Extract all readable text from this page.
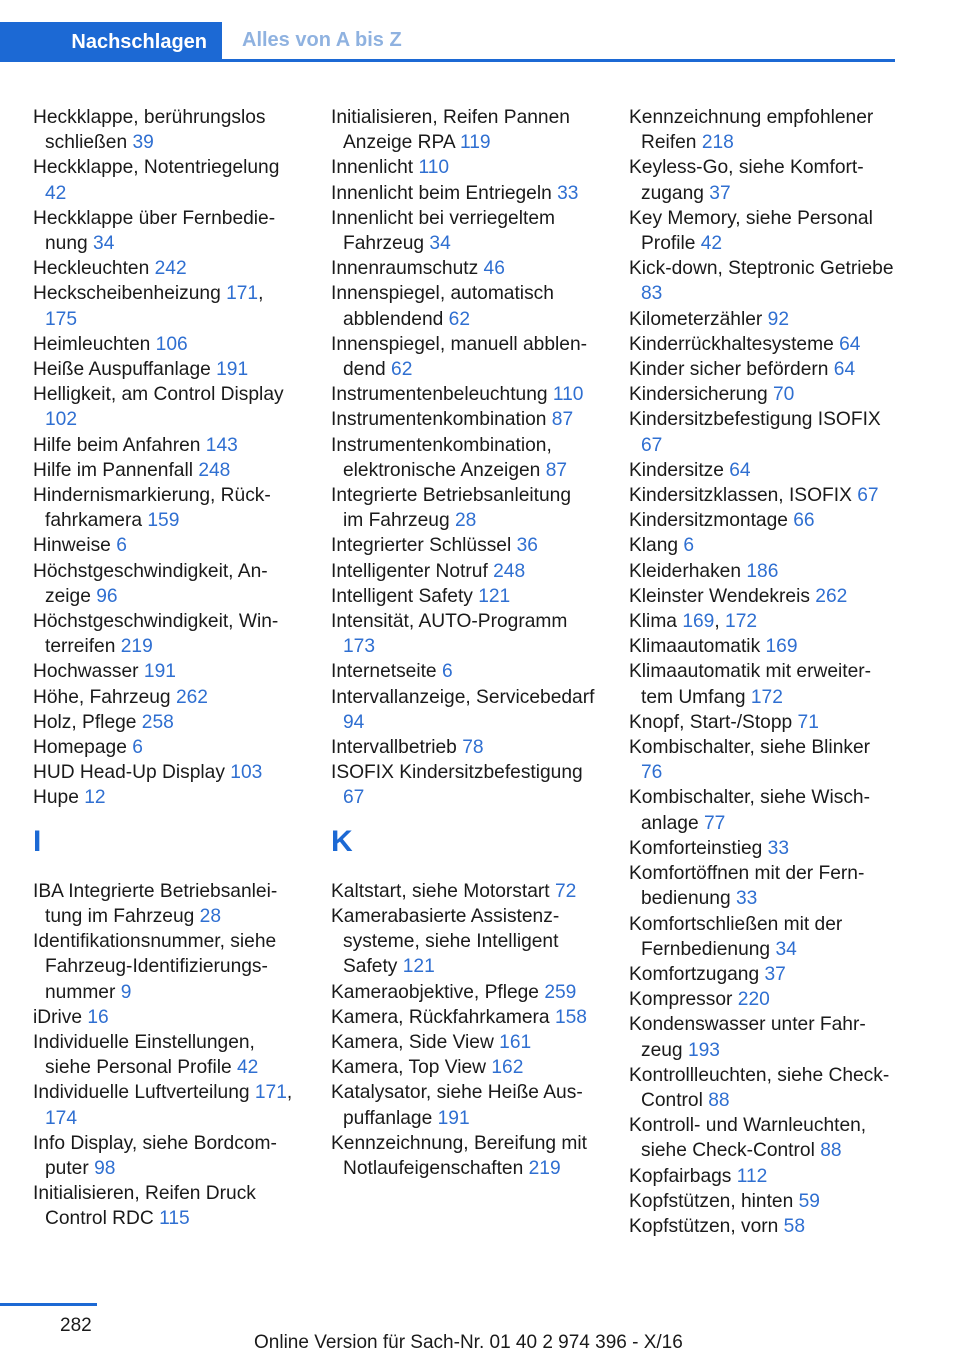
Nachschlagen Alles von A bis Z
Heckklappe, berührungslos schließen 39
Heckklappe, Notentriegelung 42
Heckklappe über Fernbedienung 34
Heckleuchten 242
Heckscheibenheizung 171, 175
Heimleuchten 106
Heiße Auspuffanlage 191
Helligkeit, am Control Display 102
Hilfe beim Anfahren 143
Hilfe im Pannenfall 248
Hindernismarkierung, Rückfahrkamera 159
Hinweise 6
Höchstgeschwindigkeit, Anzeige 96
Höchstgeschwindigkeit, Winterreifen 219
Hochwasser 191
Höhe, Fahrzeug 262
Holz, Pflege 258
Homepage 6
HUD Head-Up Display 103
Hupe 12
I
IBA Integrierte Betriebsanleitung im Fahrzeug 28
Identifikationsnummer, siehe Fahrzeug-Identifizierungsnummer 9
iDrive 16
Individuelle Einstellungen, siehe Personal Profile 42
Individuelle Luftverteilung 171, 174
Info Display, siehe Bordcomputer 98
Initialisieren, Reifen Druck Control RDC 115
Initialisieren, Reifen Pannen Anzeige RPA 119
Innenlicht 110
Innenlicht beim Entriegeln 33
Innenlicht bei verriegeltem Fahrzeug 34
Innenraumschutz 46
Innenspiegel, automatisch abblendend 62
Innenspiegel, manuell abblendend 62
Instrumentenbeleuchtung 110
Instrumentenkombination 87
Instrumentenkombination, elektronische Anzeigen 87
Integrierte Betriebsanleitung im Fahrzeug 28
Integrierter Schlüssel 36
Intelligenter Notruf 248
Intelligent Safety 121
Intensität, AUTO-Programm 173
Internetseite 6
Intervallanzeige, Servicebedarf 94
Intervallbetrieb 78
ISOFIX Kindersitzbefestigung 67
K
Kaltstart, siehe Motorstart 72
Kamerabasierte Assistenzsysteme, siehe Intelligent Safety 121
Kameraobjektive, Pflege 259
Kamera, Rückfahrkamera 158
Kamera, Side View 161
Kamera, Top View 162
Katalysator, siehe Heiße Auspuffanlage 191
Kennzeichnung, Bereifung mit Notlaufeigenschaften 219
Kennzeichnung empfohlener Reifen 218
Keyless-Go, siehe Komfortzugang 37
Key Memory, siehe Personal Profile 42
Kick-down, Steptronic Getriebe 83
Kilometerzähler 92
Kinderrückhaltesysteme 64
Kinder sicher befördern 64
Kindersicherung 70
Kindersitzbefestigung ISOFIX 67
Kindersitze 64
Kindersitzklassen, ISOFIX 67
Kindersitzmontage 66
Klang 6
Kleiderhaken 186
Kleinster Wendekreis 262
Klima 169, 172
Klimaautomatik 169
Klimaautomatik mit erweitertem Umfang 172
Knopf, Start-/Stopp 71
Kombischalter, siehe Blinker 76
Kombischalter, siehe Wischanlage 77
Komforteinstieg 33
Komfortöffnen mit der Fernbedienung 33
Komfortschließen mit der Fernbedienung 34
Komfortzugang 37
Kompressor 220
Kondenswasser unter Fahrzeug 193
Kontrollleuchten, siehe Check-Control 88
Kontroll- und Warnleuchten, siehe Check-Control 88
Kopfairbags 112
Kopfstützen, hinten 59
Kopfstützen, vorn 58
282
Online Version für Sach-Nr. 01 40 2 974 396 - X/16
